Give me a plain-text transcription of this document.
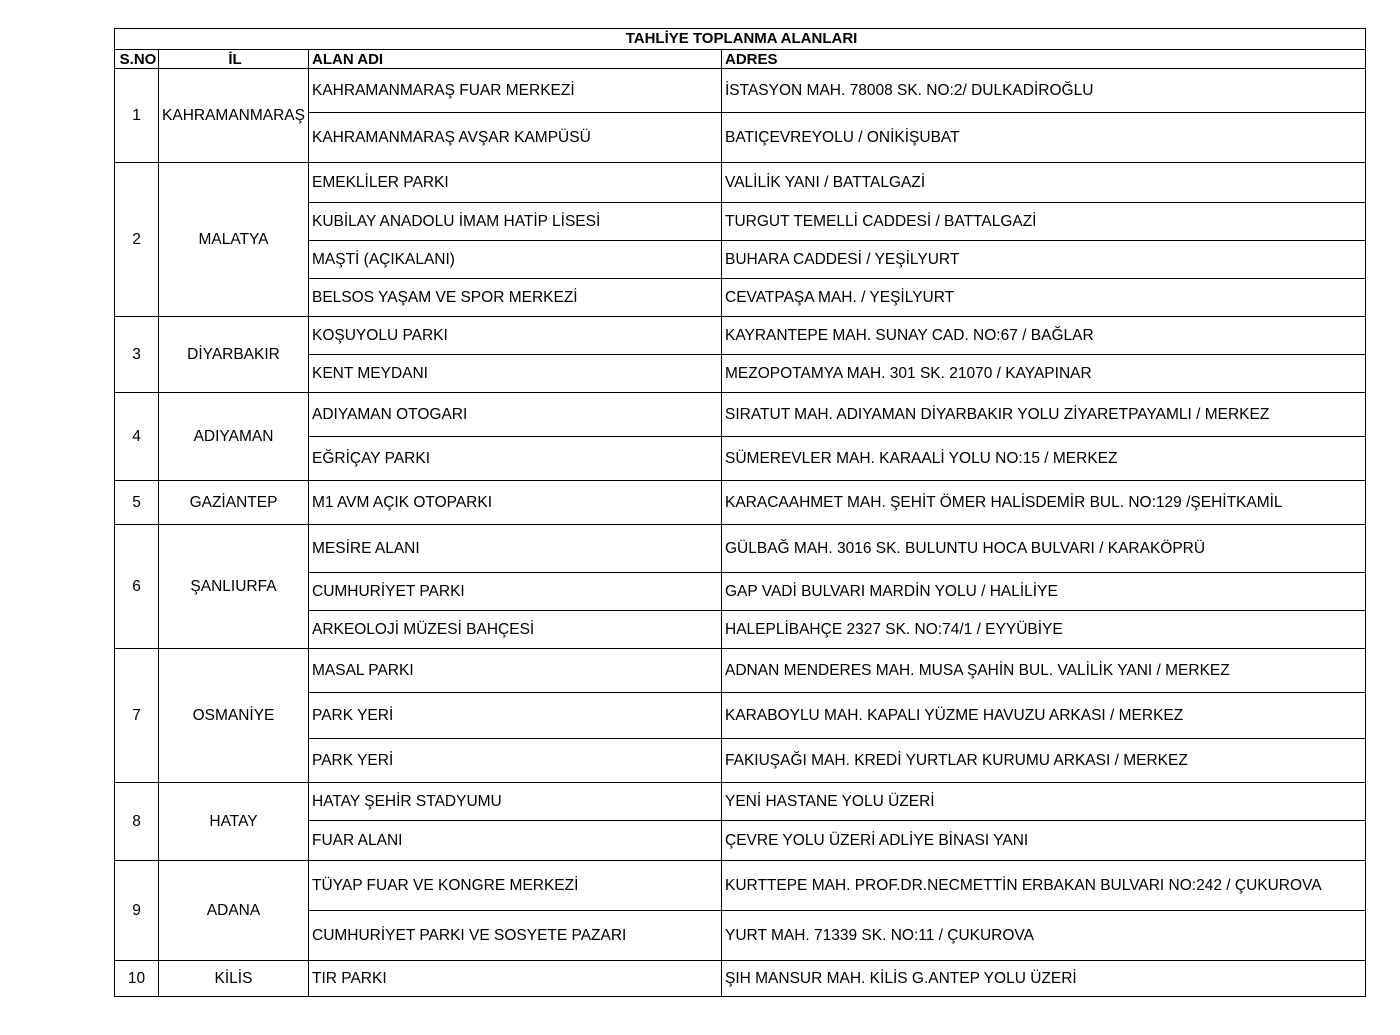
TAHLİYE TOPLANMA ALANLARI			
S.NO	İL	ALAN ADI	ADRES
1	KAHRAMANMARAŞ	KAHRAMANMARAŞ FUAR MERKEZİ	İSTASYON MAH. 78008 SK. NO:2/ DULKADİROĞLU
		KAHRAMANMARAŞ AVŞAR KAMPÜSÜ	BATIÇEVREYOLU / ONİKİŞUBAT
2	MALATYA	EMEKLİLER PARKI	VALİLİK YANI / BATTALGAZİ
		KUBİLAY ANADOLU İMAM HATİP LİSESİ	TURGUT TEMELLİ CADDESİ / BATTALGAZİ
		MAŞTİ (AÇIKALANI)	BUHARA CADDESİ / YEŞİLYURT
		BELSOS YAŞAM VE SPOR MERKEZİ	CEVATPAŞA MAH. / YEŞİLYURT
3	DİYARBAKIR	KOŞUYOLU PARKI	KAYRANTEPE MAH. SUNAY CAD. NO:67 / BAĞLAR
		KENT MEYDANI	MEZOPOTAMYA MAH. 301 SK. 21070 / KAYAPINAR
4	ADIYAMAN	ADIYAMAN OTOGARI	SIRATUT MAH. ADIYAMAN DİYARBAKIR YOLU ZİYARETPAYAMLI / MERKEZ
		EĞRİÇAY PARKI	SÜMEREVLER MAH. KARAALİ YOLU NO:15 / MERKEZ
5	GAZİANTEP	M1 AVM AÇIK OTOPARKI	KARACAAHMET MAH. ŞEHİT ÖMER HALİSDEMİR BUL. NO:129 /ŞEHİTKAMİL
6	ŞANLIURFA	MESİRE ALANI	GÜLBAĞ MAH. 3016 SK. BULUNTU HOCA BULVARI / KARAKÖPRÜ
		CUMHURİYET PARKI	GAP VADİ BULVARI MARDİN YOLU / HALİLİYE
		ARKEOLOJİ MÜZESİ BAHÇESİ	HALEPLİBAHÇE 2327 SK. NO:74/1 / EYYÜBİYE
7	OSMANİYE	MASAL PARKI	ADNAN MENDERES MAH. MUSA ŞAHİN BUL. VALİLİK YANI / MERKEZ
		PARK YERİ	KARABOYLU MAH. KAPALI YÜZME HAVUZU ARKASI / MERKEZ
		PARK YERİ	FAKIUŞAĞI MAH. KREDİ YURTLAR KURUMU ARKASI / MERKEZ
8	HATAY	HATAY ŞEHİR STADYUMU	YENİ HASTANE YOLU ÜZERİ
		FUAR ALANI	ÇEVRE YOLU ÜZERİ ADLİYE BİNASI YANI
9	ADANA	TÜYAP FUAR VE KONGRE MERKEZİ	KURTTEPE MAH. PROF.DR.NECMETTİN ERBAKAN BULVARI NO:242 / ÇUKUROVA
		CUMHURİYET PARKI VE SOSYETE PAZARI	YURT MAH. 71339 SK. NO:11 / ÇUKUROVA
10	KİLİS	TIR PARKI	ŞIH MANSUR MAH. KİLİS G.ANTEP YOLU ÜZERİ
